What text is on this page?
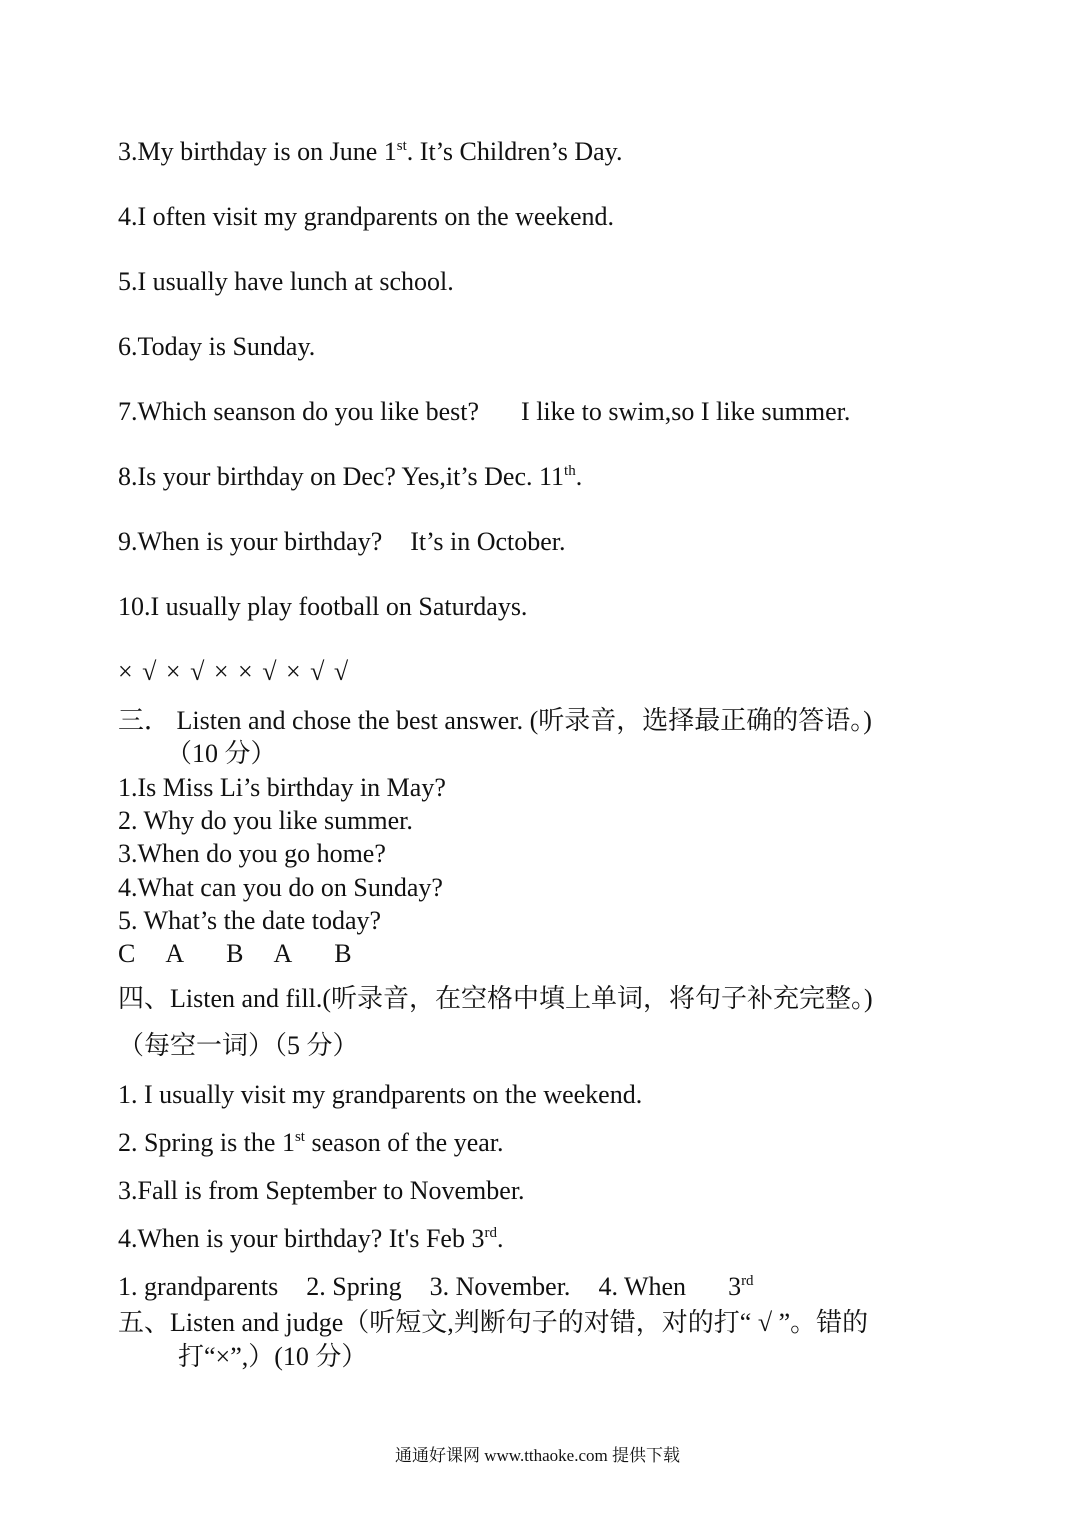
3.My birthday is on June 1st. It’s Children’s Day.

4.I often visit my grandparents on the weekend.

5.I usually have lunch at school.

6.Today is Sunday.

7.Which seanson do you like best? I like to swim,so I like summer.

8.Is your birthday on Dec? Yes,it’s Dec. 11th.

9.When is your birthday? It’s in October.

10.I usually play football on Saturdays.

× √ × √ × × √ × √ √

三． Listen and chose the best answer. (听录音，选择最正确的答语。)

（10 分）

1.Is Miss Li’s birthday in May?

2. Why do you like summer.

3.When do you go home?

4.What can you do on Sunday?

5. What’s the date today?

C A B A B

四、Listen and fill.(听录音，在空格中填上单词，将句子补充完整。)

（每空一词）（5 分）

1. I usually visit my grandparents on the weekend.

2. Spring is the 1st season of the year.

3.Fall is from September to November.

4.When is your birthday? It's Feb 3rd.

1. grandparents 2. Spring 3. November. 4. When 3rd

五、Listen and judge（听短文,判断句子的对错，对的打“ √ ”。错的

打“×”,）(10 分）

通通好课网 www.tthaoke.com 提供下载
